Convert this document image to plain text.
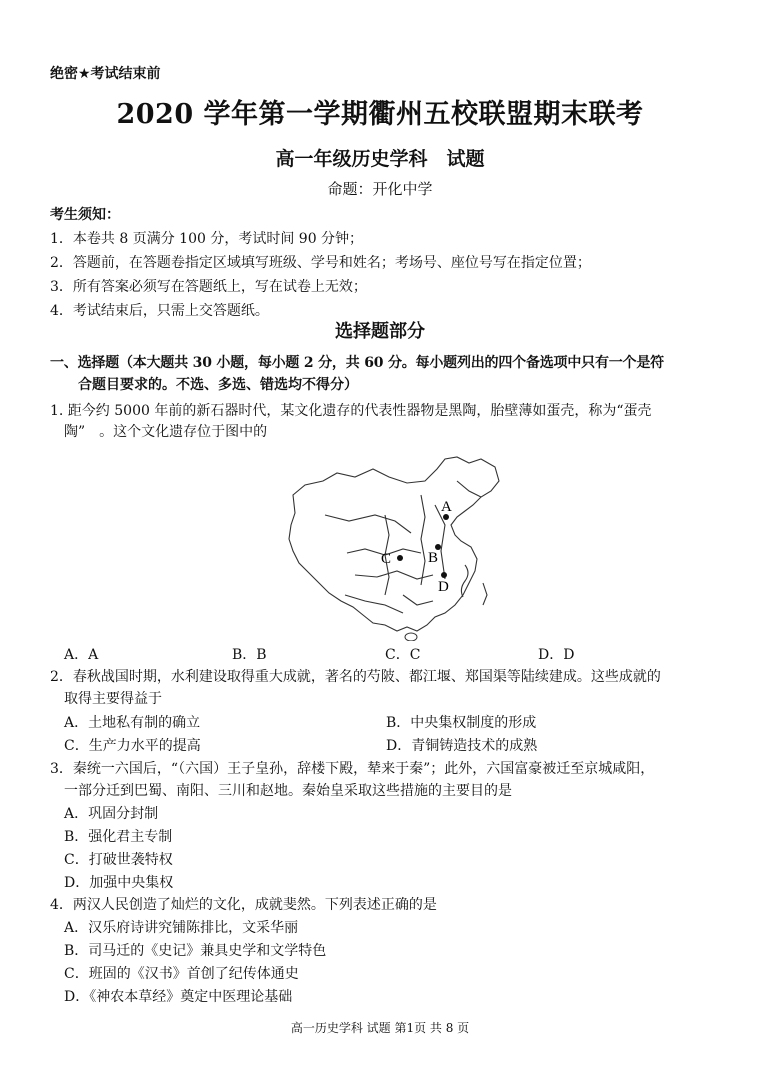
绝密★考试结束前
2020 学年第一学期衢州五校联盟期末联考
高一年级历史学科　试题
命题：开化中学
考生须知：
1．本卷共 8 页满分 100 分，考试时间 90 分钟；
2．答题前，在答题卷指定区域填写班级、学号和姓名；考场号、座位号写在指定位置；
3．所有答案必须写在答题纸上，写在试卷上无效；
4．考试结束后，只需上交答题纸。
选择题部分
一、选择题（本大题共 30 小题，每小题 2 分，共 60 分。每小题列出的四个备选项中只有一个是符
合题目要求的。不选、多选、错选均不得分）
1. 距今约 5000 年前的新石器时代，某文化遗存的代表性器物是黑陶，胎壁薄如蛋壳，称为“蛋壳
陶”　。这个文化遗存位于图中的
A
B
C
D
A．A	B．B	C．C	D．D
2．春秋战国时期，水利建设取得重大成就，著名的芍陂、都江堰、郑国渠等陆续建成。这些成就的
取得主要得益于
A．土地私有制的确立	B．中央集权制度的形成
C．生产力水平的提高	D．青铜铸造技术的成熟
3．秦统一六国后，“（六国）王子皇孙，辞楼下殿，辇来于秦”；此外，六国富豪被迁至京城咸阳，
一部分迁到巴蜀、南阳、三川和赵地。秦始皇采取这些措施的主要目的是
A．巩固分封制
B．强化君主专制
C．打破世袭特权
D．加强中央集权
4．两汉人民创造了灿烂的文化，成就斐然。下列表述正确的是
A．汉乐府诗讲究铺陈排比，文采华丽
B．司马迁的《史记》兼具史学和文学特色
C．班固的《汉书》首创了纪传体通史
D．《神农本草经》奠定中医理论基础
高一历史学科 试题 第1页 共 8 页
